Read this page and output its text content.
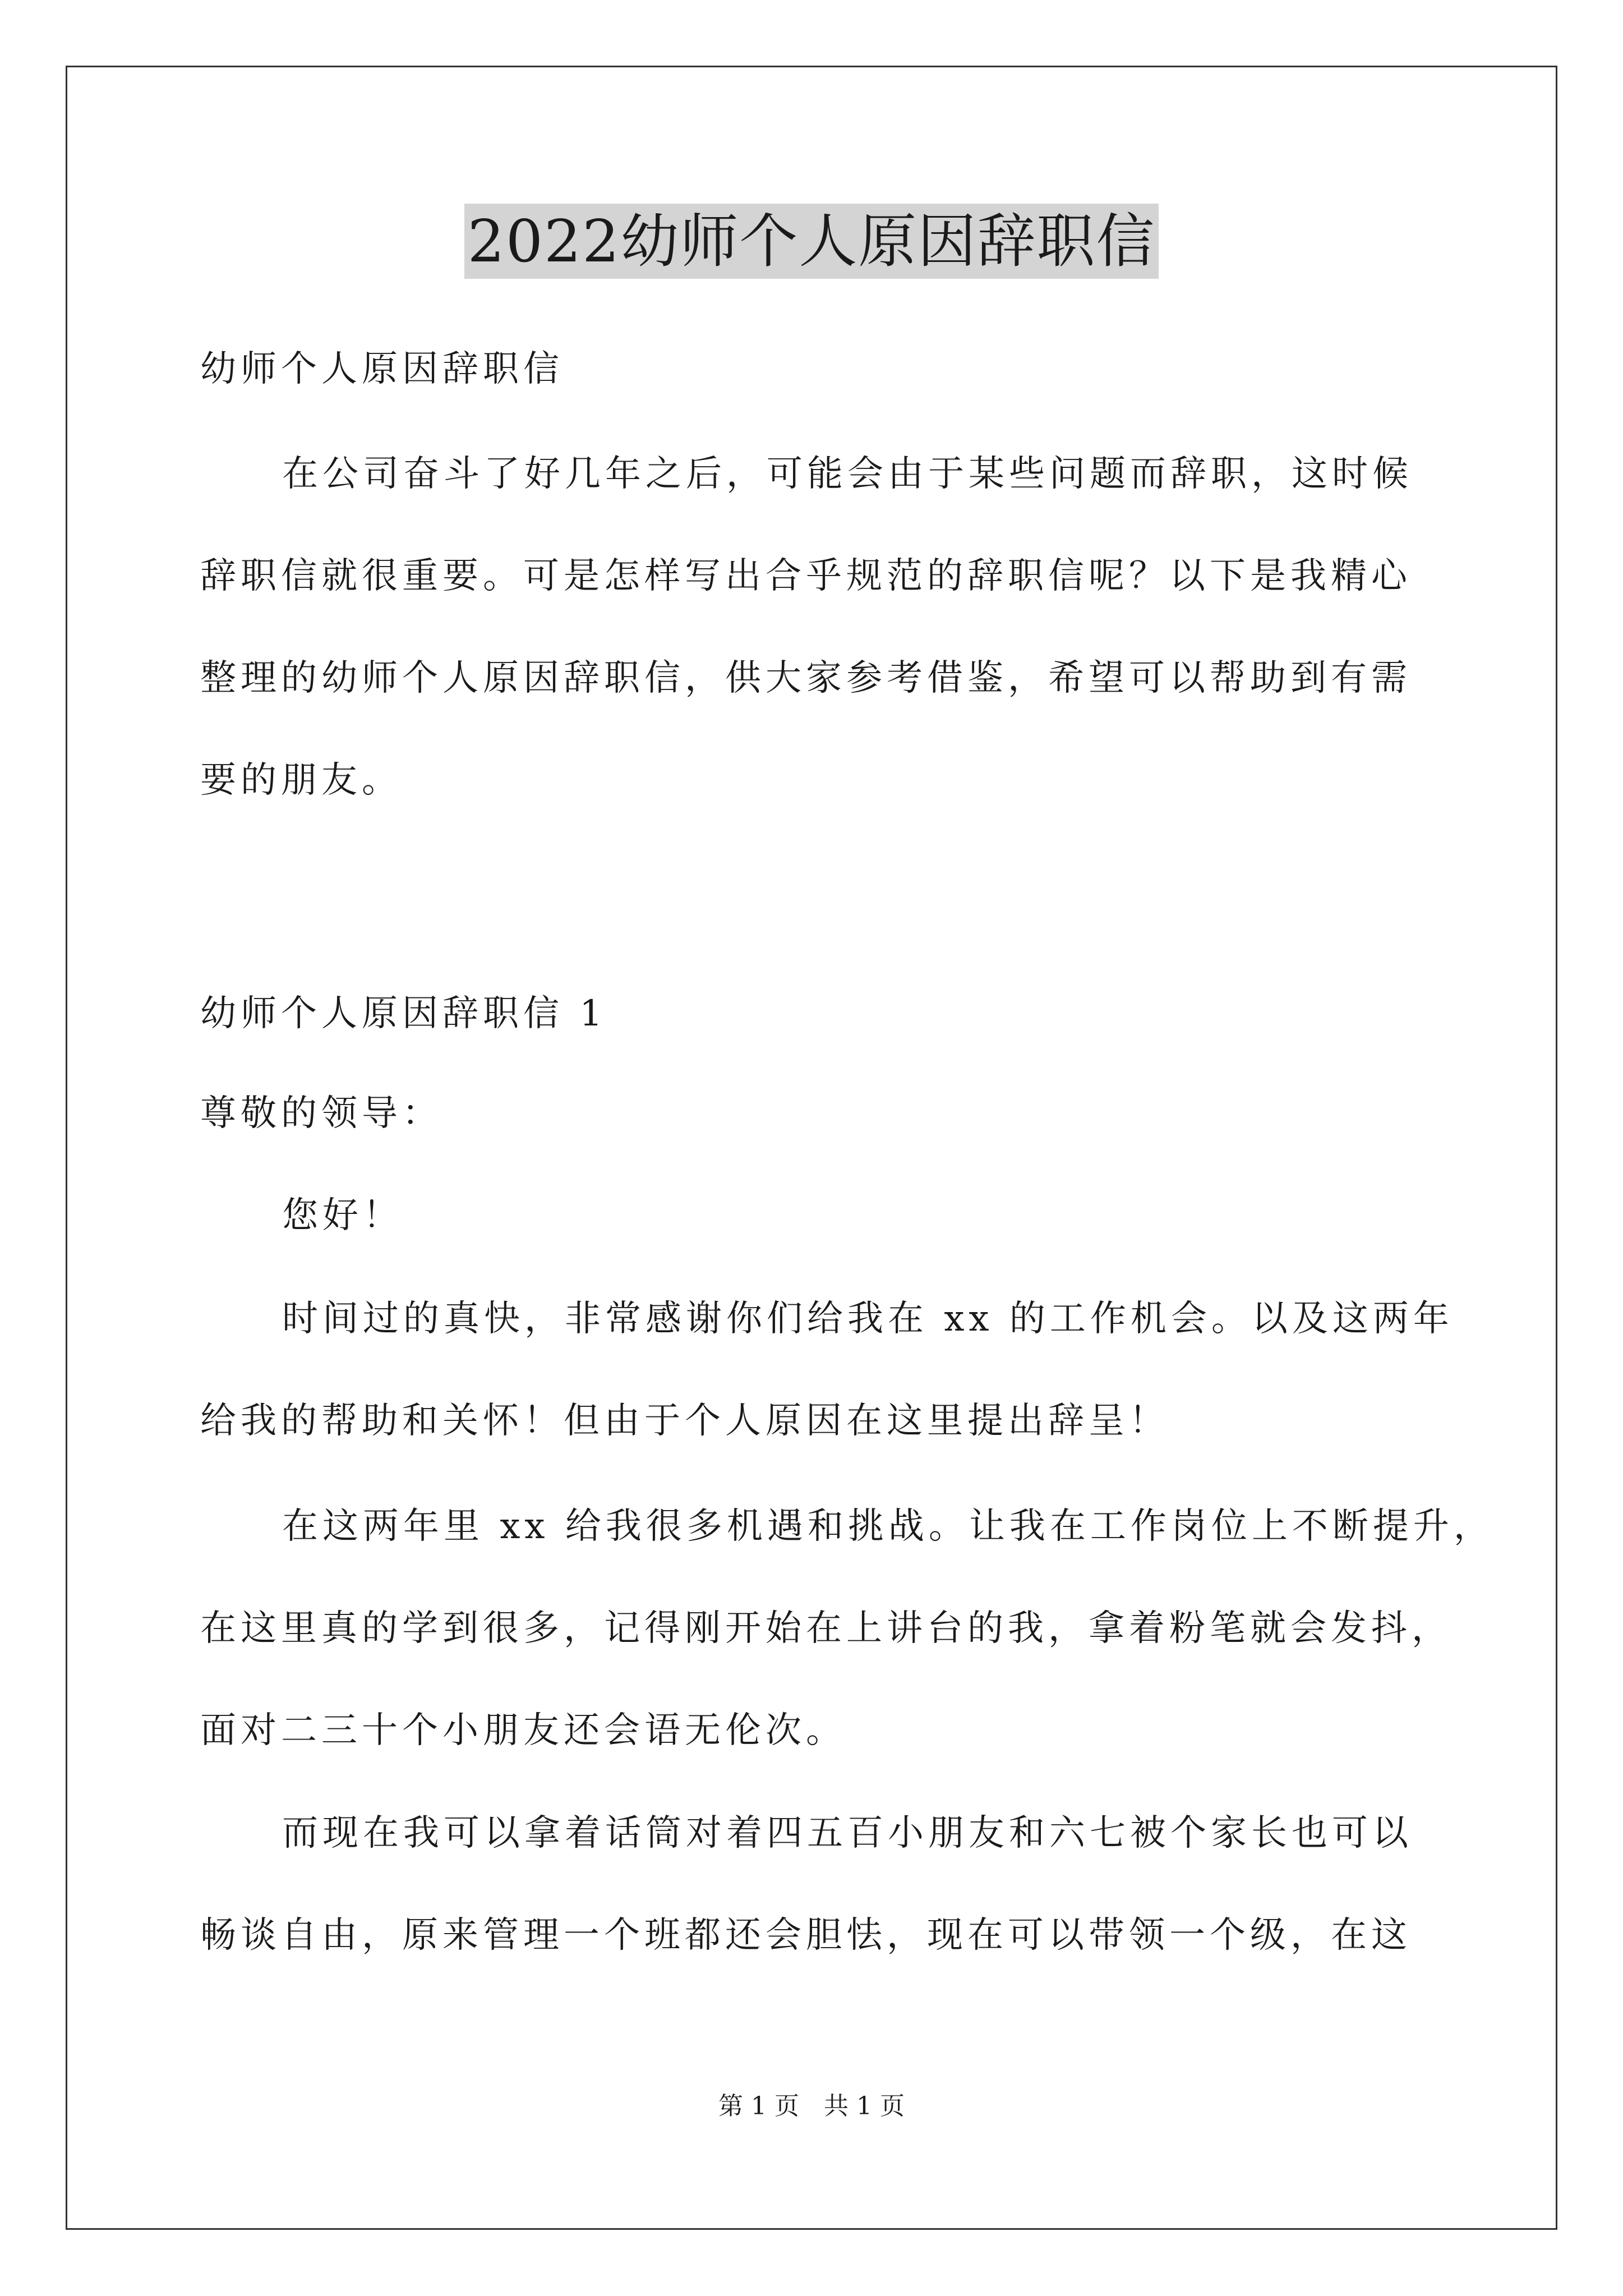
2022幼师个人原因辞职信
幼师个人原因辞职信
在公司奋斗了好几年之后，可能会由于某些问题而辞职，这时候
辞职信就很重要。可是怎样写出合乎规范的辞职信呢？以下是我精心
整理的幼师个人原因辞职信，供大家参考借鉴，希望可以帮助到有需
要的朋友。
幼师个人原因辞职信 1
尊敬的领导：
您好！
时间过的真快，非常感谢你们给我在 xx 的工作机会。以及这两年
给我的帮助和关怀！但由于个人原因在这里提出辞呈！
在这两年里 xx 给我很多机遇和挑战。让我在工作岗位上不断提升，
在这里真的学到很多，记得刚开始在上讲台的我，拿着粉笔就会发抖，
面对二三十个小朋友还会语无伦次。
而现在我可以拿着话筒对着四五百小朋友和六七被个家长也可以
畅谈自由，原来管理一个班都还会胆怯，现在可以带领一个级，在这
第 1 页　共 1 页
